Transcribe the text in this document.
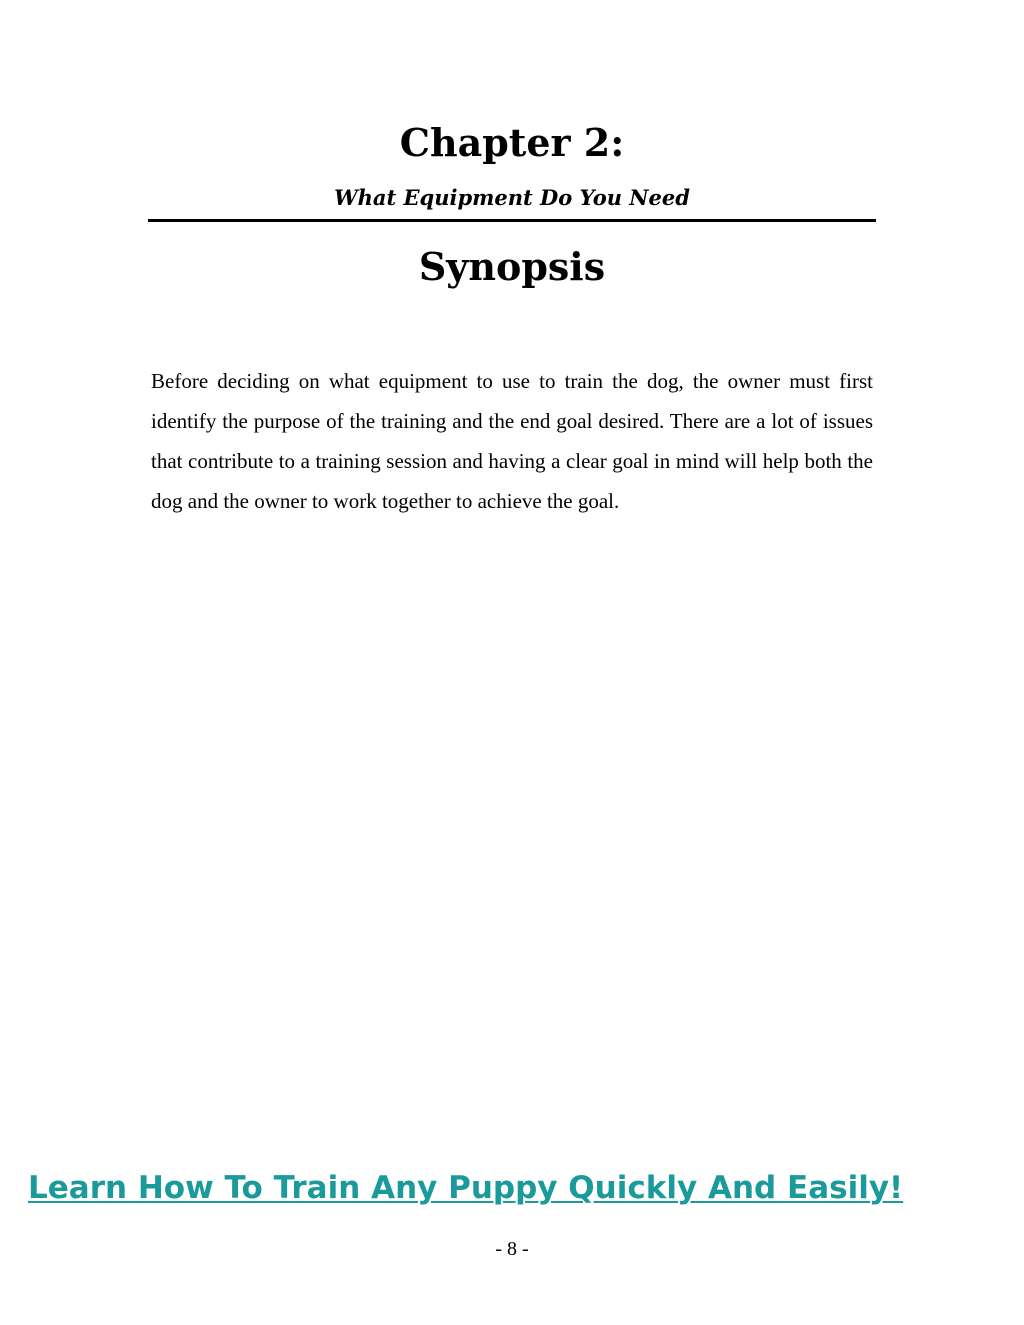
Chapter 2:

What Equipment Do You Need

Synopsis

Before deciding on what equipment to use to train the dog, the owner must first identify the purpose of the training and the end goal desired. There are a lot of issues that contribute to a training session and having a clear goal in mind will help both the dog and the owner to work together to achieve the goal.

Learn How To Train Any Puppy Quickly And Easily!

- 8 -
